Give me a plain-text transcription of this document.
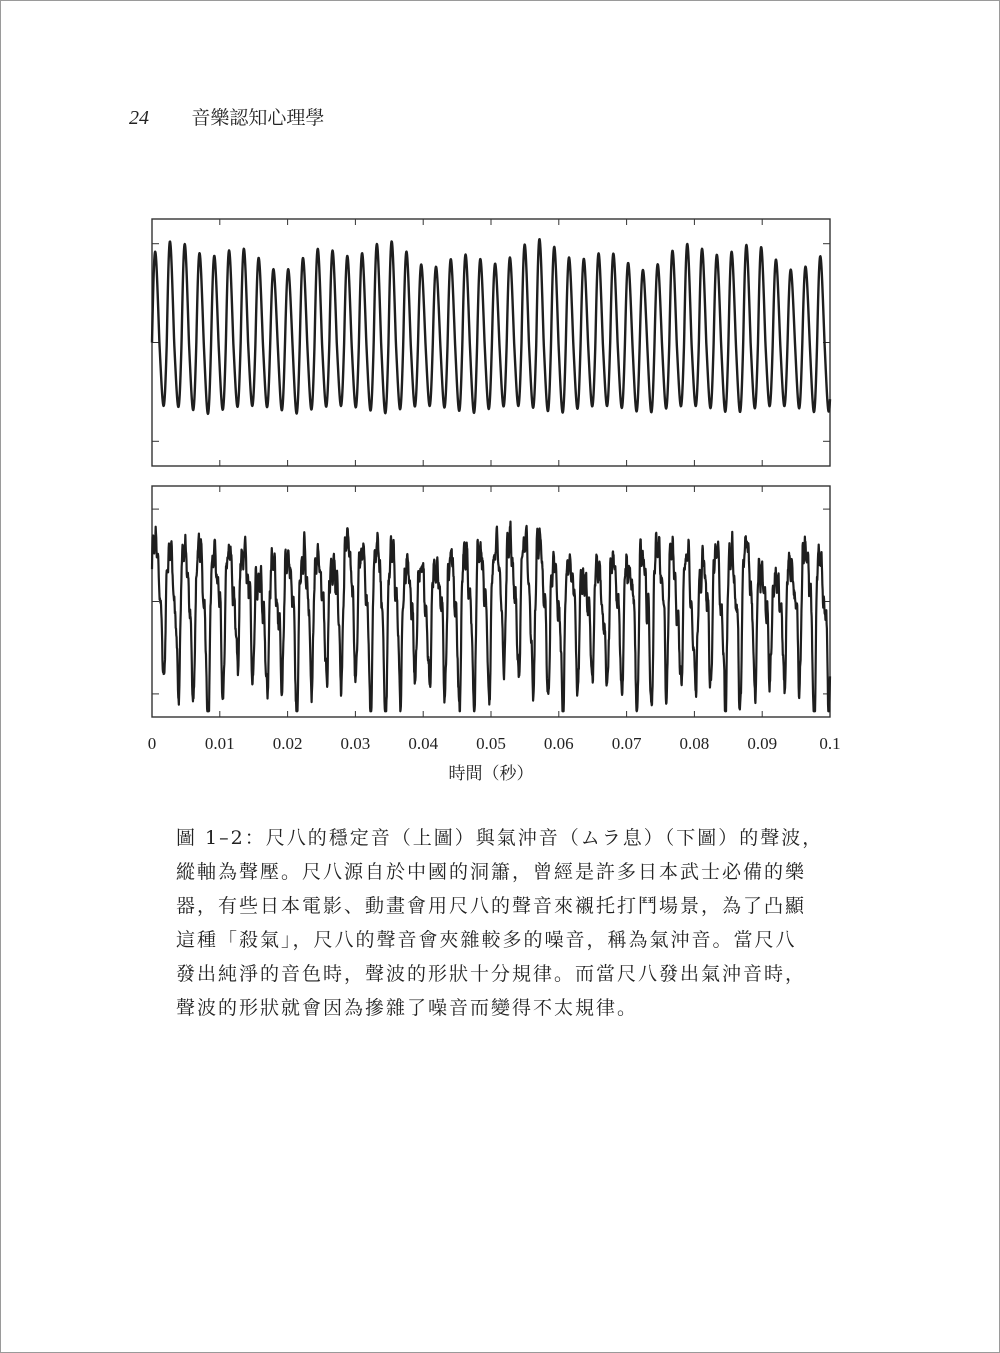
24 音樂認知心理學
0	0.01 0.02 0.03 0.04 0.05 0.06 0.07 0.08 0.09 0.1
時間（秒）

圖 1–2：尺八的穩定音（上圖）與氣沖音（ムラ息）（下圖）的聲波，

縱軸為聲壓。尺八源自於中國的洞簫，曾經是許多日本武士必備的樂

器，有些日本電影、動畫會用尺八的聲音來襯托打鬥場景，為了凸顯

這種「殺氣」，尺八的聲音會夾雜較多的噪音，稱為氣沖音。當尺八

發出純淨的音色時，聲波的形狀十分規律。而當尺八發出氣沖音時，

聲波的形狀就會因為摻雜了噪音而變得不太規律。
